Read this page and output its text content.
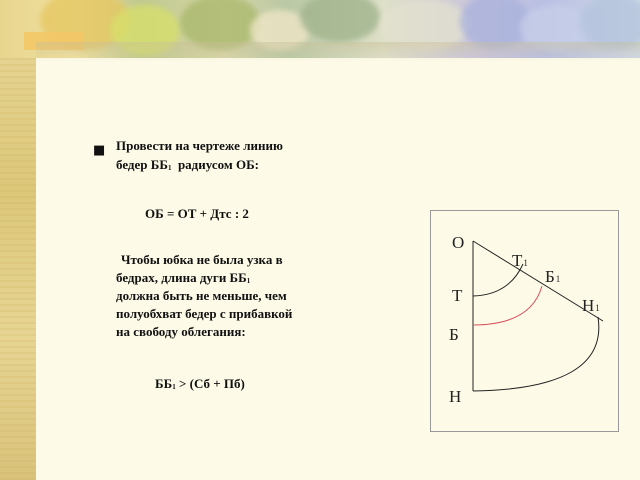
■ Провести на чертеже линию
бедер $ББ_1$  радиусом ОБ:
ОБ = ОТ + Дтс : 2
Чтобы юбка не была узка в
бедрах, длина дуги $ББ_1$
должна быть не меньше, чем
полуобхват бедер с прибавкой
на свободу облегания:
$ББ_1 > (Сб + Пб)$
О
Т1
Б1
Т
Н1
Б
Н
